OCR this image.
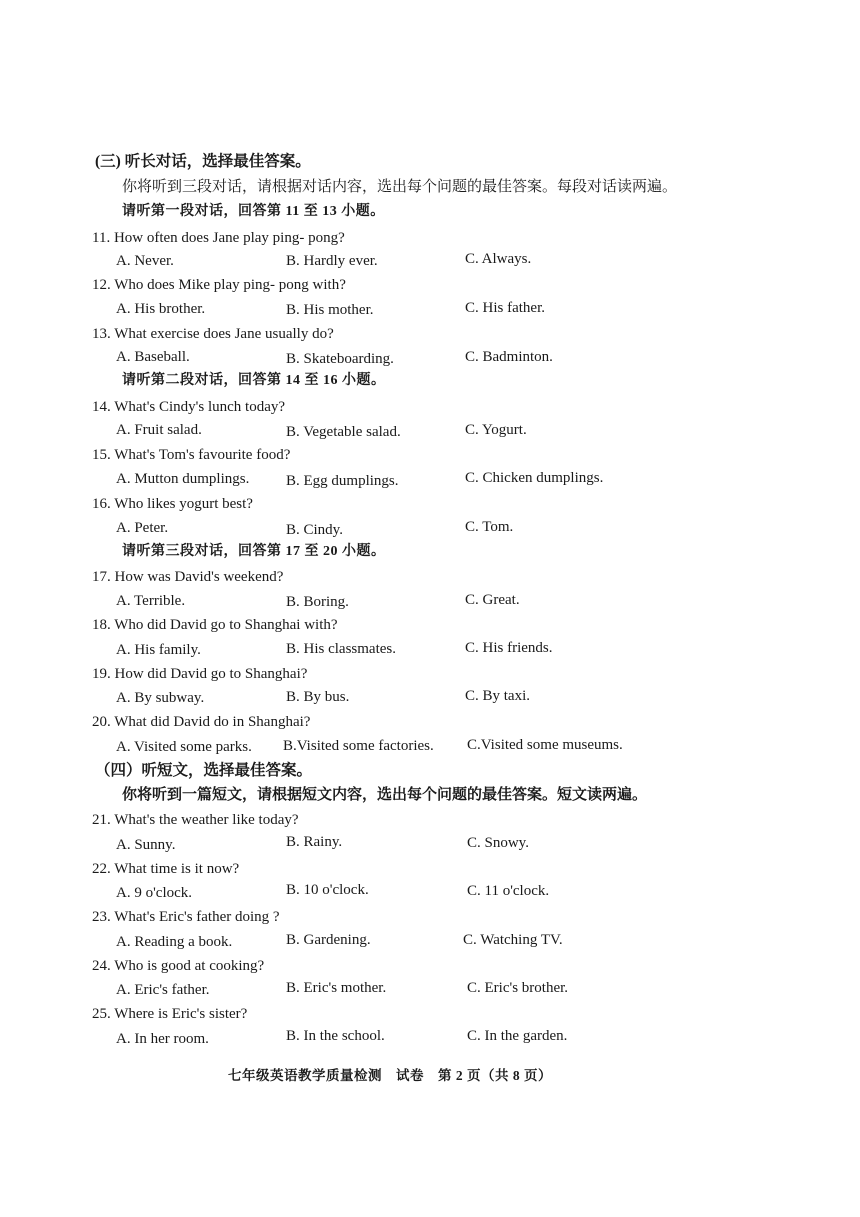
(三) 听长对话，选择最佳答案。
你将听到三段对话，请根据对话内容，选出每个问题的最佳答案。每段对话读两遍。
请听第一段对话，回答第 11 至 13 小题。
11. How often does Jane play ping- pong?
A. Never.	B. Hardly ever.	C. Always.
12. Who does Mike play ping- pong with?
A. His brother.	B. His mother.	C. His father.
13. What exercise does Jane usually do?
A. Baseball.	B. Skateboarding.	C. Badminton.
请听第二段对话，回答第 14 至 16 小题。
14. What's Cindy's lunch today?
A. Fruit salad.	B. Vegetable salad.	C. Yogurt.
15. What's Tom's favourite food?
A. Mutton dumplings. B. Egg dumplings.	C. Chicken dumplings.
16. Who likes yogurt best?
A. Peter.	B. Cindy.	C. Tom.
请听第三段对话，回答第 17 至 20 小题。
17. How was David's weekend?
A. Terrible.	B. Boring.	C. Great.
18. Who did David go to Shanghai with?
A. His family.	B. His classmates.	C. His friends.
19. How did David go to Shanghai?
A. By subway.	B. By bus.	C. By taxi.
20. What did David do in Shanghai?
A. Visited some parks. B.Visited some factories. C.Visited some museums.
（四）听短文，选择最佳答案。
你将听到一篇短文，请根据短文内容，选出每个问题的最佳答案。短文读两遍。
21. What's the weather like today?
A. Sunny.	B. Rainy.	C. Snowy.
22. What time is it now?
A. 9 o'clock.	B. 10 o'clock.	C. 11 o'clock.
23. What's Eric's father doing ?
A. Reading a book.	B. Gardening.	C. Watching TV.
24. Who is good at cooking?
A. Eric's father.	B. Eric's mother.	C. Eric's brother.
25. Where is Eric's sister?
A. In her room.	B. In the school.	C. In the garden.
七年级英语教学质量检测　试卷　第 2 页（共 8 页）
